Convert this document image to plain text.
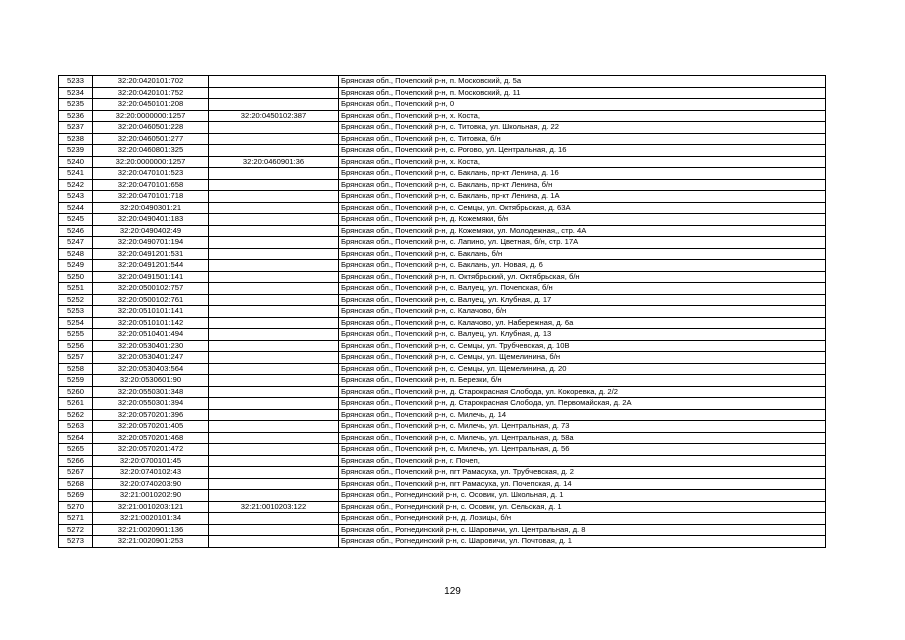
5233	32:20:0420101:702		Брянская обл., Почепский р-н, п. Московский, д. 5а
5234	32:20:0420101:752		Брянская обл., Почепский р-н, п. Московский, д. 11
5235	32:20:0450101:208		Брянская обл., Почепский р-н, 0
5236	32:20:0000000:1257	32:20:0450102:387	Брянская обл., Почепский р-н, х. Коста,
5237	32:20:0460501:228		Брянская обл., Почепский р-н, с. Титовка, ул. Школьная, д. 22
5238	32:20:0460501:277		Брянская обл., Почепский р-н, с. Титовка, б/н
5239	32:20:0460801:325		Брянская обл., Почепский р-н, с. Рогово, ул. Центральная, д. 16
5240	32:20:0000000:1257	32:20:0460901:36	Брянская обл., Почепский р-н, х. Коста,
5241	32:20:0470101:523		Брянская обл., Почепский р-н, с. Баклань, пр-кт Ленина, д. 16
5242	32:20:0470101:658		Брянская обл., Почепский р-н, с. Баклань, пр-кт Ленина, б/н
5243	32:20:0470101:718		Брянская обл., Почепский р-н, с. Баклань, пр-кт Ленина, д. 1А
5244	32:20:0490301:21		Брянская обл., Почепский р-н, с. Семцы, ул. Октябрьская, д. 63А
5245	32:20:0490401:183		Брянская обл., Почепский р-н, д. Кожемяки, б/н
5246	32:20:0490402:49		Брянская обл., Почепский р-н, д. Кожемяки, ул. Молодежная,, стр. 4А
5247	32:20:0490701:194		Брянская обл., Почепский р-н, с. Лапино, ул. Цветная, б/н, стр. 17А
5248	32:20:0491201:531		Брянская обл., Почепский р-н, с. Баклань, б/н
5249	32:20:0491201:544		Брянская обл., Почепский р-н, с. Баклань, ул. Новая, д. 6
5250	32:20:0491501:141		Брянская обл., Почепский р-н, п. Октябрьский, ул. Октябрьская, б/н
5251	32:20:0500102:757		Брянская обл., Почепский р-н, с. Валуец, ул. Почепская, б/н
5252	32:20:0500102:761		Брянская обл., Почепский р-н, с. Валуец, ул. Клубная, д. 17
5253	32:20:0510101:141		Брянская обл., Почепский р-н, с. Калачово, б/н
5254	32:20:0510101:142		Брянская обл., Почепский р-н, с. Калачово, ул. Набережная, д. 6а
5255	32:20:0510401:494		Брянская обл., Почепский р-н, с. Валуец, ул. Клубная, д. 13
5256	32:20:0530401:230		Брянская обл., Почепский р-н, с. Семцы, ул. Трубчевская, д. 10В
5257	32:20:0530401:247		Брянская обл., Почепский р-н, с. Семцы, ул. Щемелинина, б/н
5258	32:20:0530403:564		Брянская обл., Почепский р-н, с. Семцы, ул. Щемелинина, д. 20
5259	32:20:0530601:90		Брянская обл., Почепский р-н, п. Березки, б/н
5260	32:20:0550301:348		Брянская обл., Почепский р-н, д. Старокрасная Слобода, ул. Кокоревка, д. 2/2
5261	32:20:0550301:394		Брянская обл., Почепский р-н, д. Старокрасная Слобода, ул. Первомайская, д. 2А
5262	32:20:0570201:396		Брянская обл., Почепский р-н, с. Милечь, д. 14
5263	32:20:0570201:405		Брянская обл., Почепский р-н, с. Милечь, ул. Центральная, д. 73
5264	32:20:0570201:468		Брянская обл., Почепский р-н, с. Милечь, ул. Центральная, д. 58а
5265	32:20:0570201:472		Брянская обл., Почепский р-н, с. Милечь, ул. Центральная, д. 56
5266	32:20:0700101:45		Брянская обл., Почепский р-н, г. Почеп,
5267	32:20:0740102:43		Брянская обл., Почепский р-н, пгт Рамасуха, ул. Трубчевская, д. 2
5268	32:20:0740203:90		Брянская обл., Почепский р-н, пгт Рамасуха, ул. Почепская, д. 14
5269	32:21:0010202:90		Брянская обл., Рогнединский р-н, с. Осовик, ул. Школьная, д. 1
5270	32:21:0010203:121	32:21:0010203:122	Брянская обл., Рогнединский р-н, с. Осовик, ул. Сельская, д. 1
5271	32:21:0020101:34		Брянская обл., Рогнединский р-н, д. Лозицы, б/н
5272	32:21:0020901:136		Брянская обл., Рогнединский р-н, с. Шаровичи, ул. Центральная, д. 8
5273	32:21:0020901:253		Брянская обл., Рогнединский р-н, с. Шаровичи, ул. Почтовая, д. 1
129
